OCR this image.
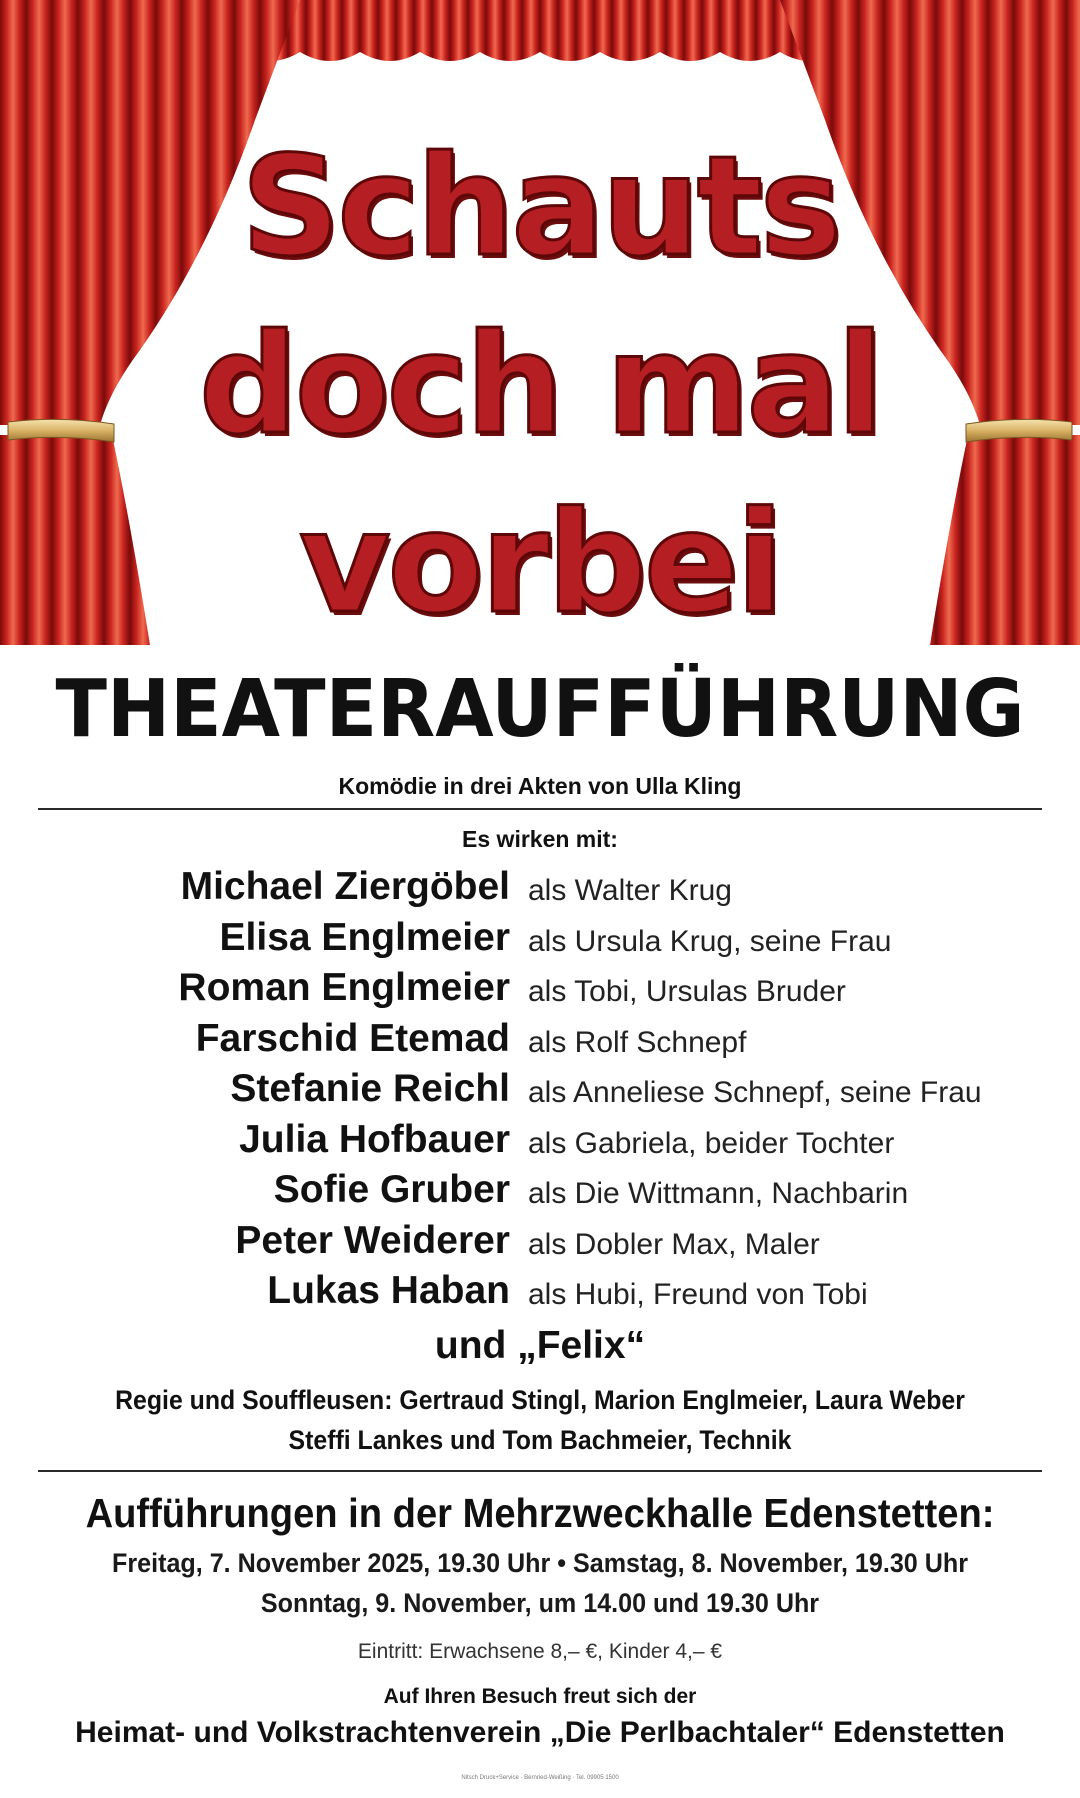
Schauts
doch mal
vorbei
THEATERAUFFÜHRUNG
Komödie in drei Akten von Ulla Kling
Es wirken mit:
Michael Ziergöbel als Walter Krug
Elisa Englmeier als Ursula Krug, seine Frau
Roman Englmeier als Tobi, Ursulas Bruder
Farschid Etemad als Rolf Schnepf
Stefanie Reichl als Anneliese Schnepf, seine Frau
Julia Hofbauer als Gabriela, beider Tochter
Sofie Gruber als Die Wittmann, Nachbarin
Peter Weiderer als Dobler Max, Maler
Lukas Haban als Hubi, Freund von Tobi
und „Felix“
Regie und Souffleusen: Gertraud Stingl, Marion Englmeier, Laura Weber
Steffi Lankes und Tom Bachmeier, Technik
Aufführungen in der Mehrzweckhalle Edenstetten:
Freitag, 7. November 2025, 19.30 Uhr • Samstag, 8. November, 19.30 Uhr
Sonntag, 9. November, um 14.00 und 19.30 Uhr
Eintritt: Erwachsene 8,– €, Kinder 4,– €
Auf Ihren Besuch freut sich der
Heimat- und Volkstrachtenverein „Die Perlbachtaler“ Edenstetten
Nitsch Druck+Service · Bernried-Weißing · Tel. 09905 1500
